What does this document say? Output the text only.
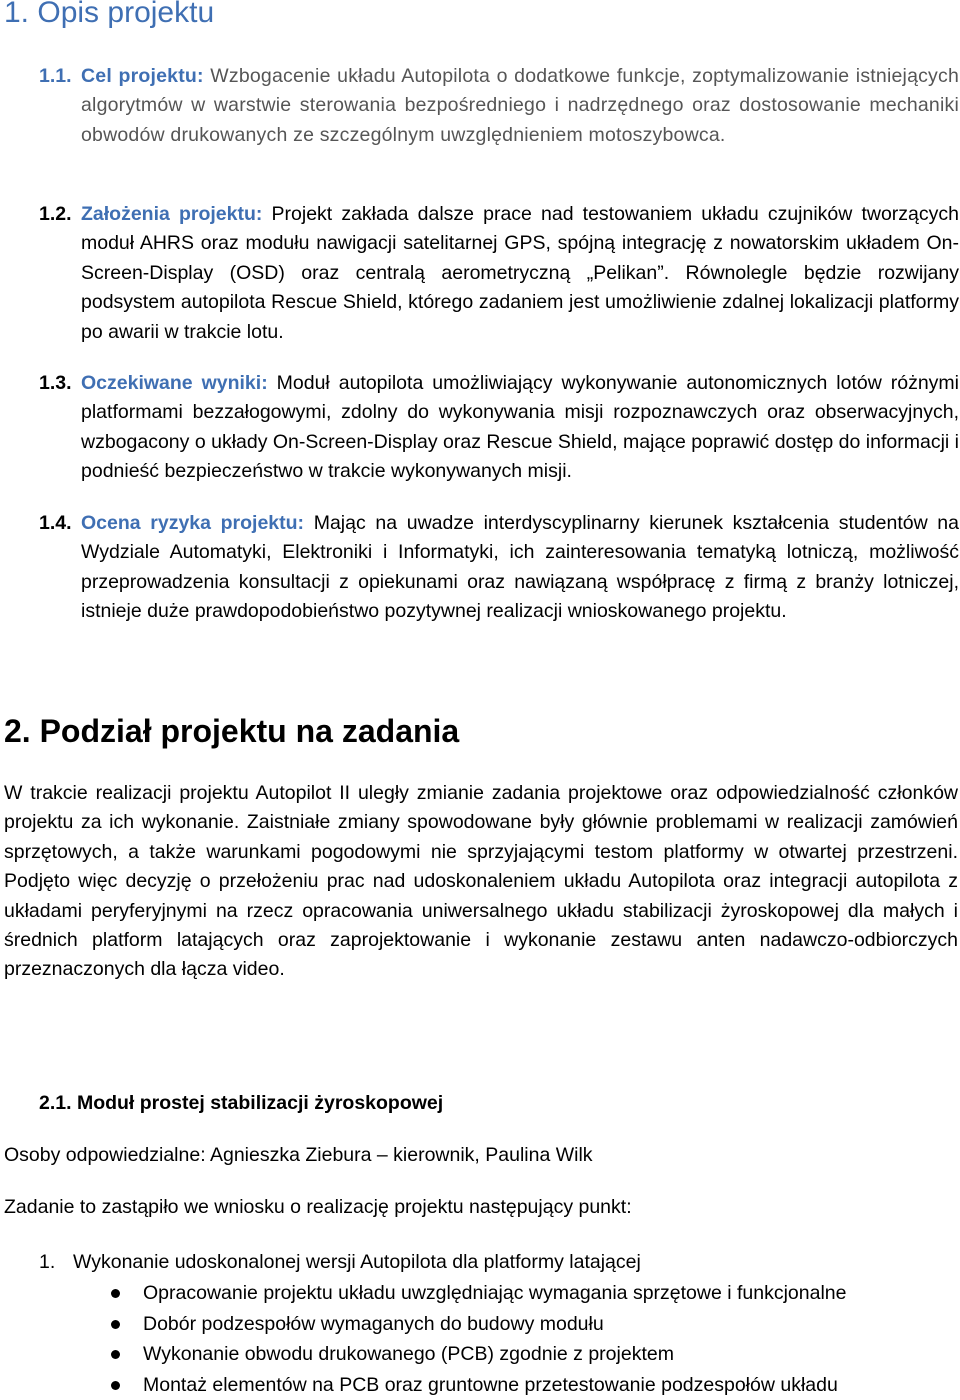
1. Opis projektu
1.1. Cel projektu: Wzbogacenie układu Autopilota o dodatkowe funkcje, zoptymalizowanie istniejących algorytmów w warstwie sterowania bezpośredniego i nadrzędnego oraz dostosowanie mechaniki obwodów drukowanych ze szczególnym uwzględnieniem motoszybowca.

1.2. Założenia projektu: Projekt zakłada dalsze prace nad testowaniem układu czujników tworzących moduł AHRS oraz modułu nawigacji satelitarnej GPS, spójną integrację z nowatorskim układem On-Screen-Display (OSD) oraz centralą aerometryczną „Pelikan”. Równolegle będzie rozwijany podsystem autopilota Rescue Shield, którego zadaniem jest umożliwienie zdalnej lokalizacji platformy po awarii w trakcie lotu.

1.3. Oczekiwane wyniki: Moduł autopilota umożliwiający wykonywanie autonomicznych lotów różnymi platformami bezzałogowymi, zdolny do wykonywania misji rozpoznawczych oraz obserwacyjnych, wzbogacony o układy On-Screen-Display oraz Rescue Shield, mające poprawić dostęp do informacji i podnieść bezpieczeństwo w trakcie wykonywanych misji.

1.4. Ocena ryzyka projektu: Mając na uwadze interdyscyplinarny kierunek kształcenia studentów na Wydziale Automatyki, Elektroniki i Informatyki, ich zainteresowania tematyką lotniczą, możliwość przeprowadzenia konsultacji z opiekunami oraz nawiązaną współpracę z firmą z branży lotniczej, istnieje duże prawdopodobieństwo pozytywnej realizacji wnioskowanego projektu.

2. Podział projektu na zadania

W trakcie realizacji projektu Autopilot II uległy zmianie zadania projektowe oraz odpowiedzialność członków projektu za ich wykonanie. Zaistniałe zmiany spowodowane były głównie problemami w realizacji zamówień sprzętowych, a także warunkami pogodowymi nie sprzyjającymi testom platformy w otwartej przestrzeni. Podjęto więc decyzję o przełożeniu prac nad udoskonaleniem układu Autopilota oraz integracji autopilota z układami peryferyjnymi na rzecz opracowania uniwersalnego układu stabilizacji żyroskopowej dla małych i średnich platform latających oraz zaprojektowanie i wykonanie zestawu anten nadawczo-odbiorczych przeznaczonych dla łącza video.

2.1. Moduł prostej stabilizacji żyroskopowej

Osoby odpowiedzialne: Agnieszka Ziebura – kierownik, Paulina Wilk

Zadanie to zastąpiło we wniosku o realizację projektu następujący punkt:

1. Wykonanie udoskonalonej wersji Autopilota dla platformy latającej
Opracowanie projektu układu uwzględniając wymagania sprzętowe i funkcjonalne
Dobór podzespołów wymaganych do budowy modułu
Wykonanie obwodu drukowanego (PCB) zgodnie z projektem
Montaż elementów na PCB oraz gruntowne przetestowanie podzespołów układu
